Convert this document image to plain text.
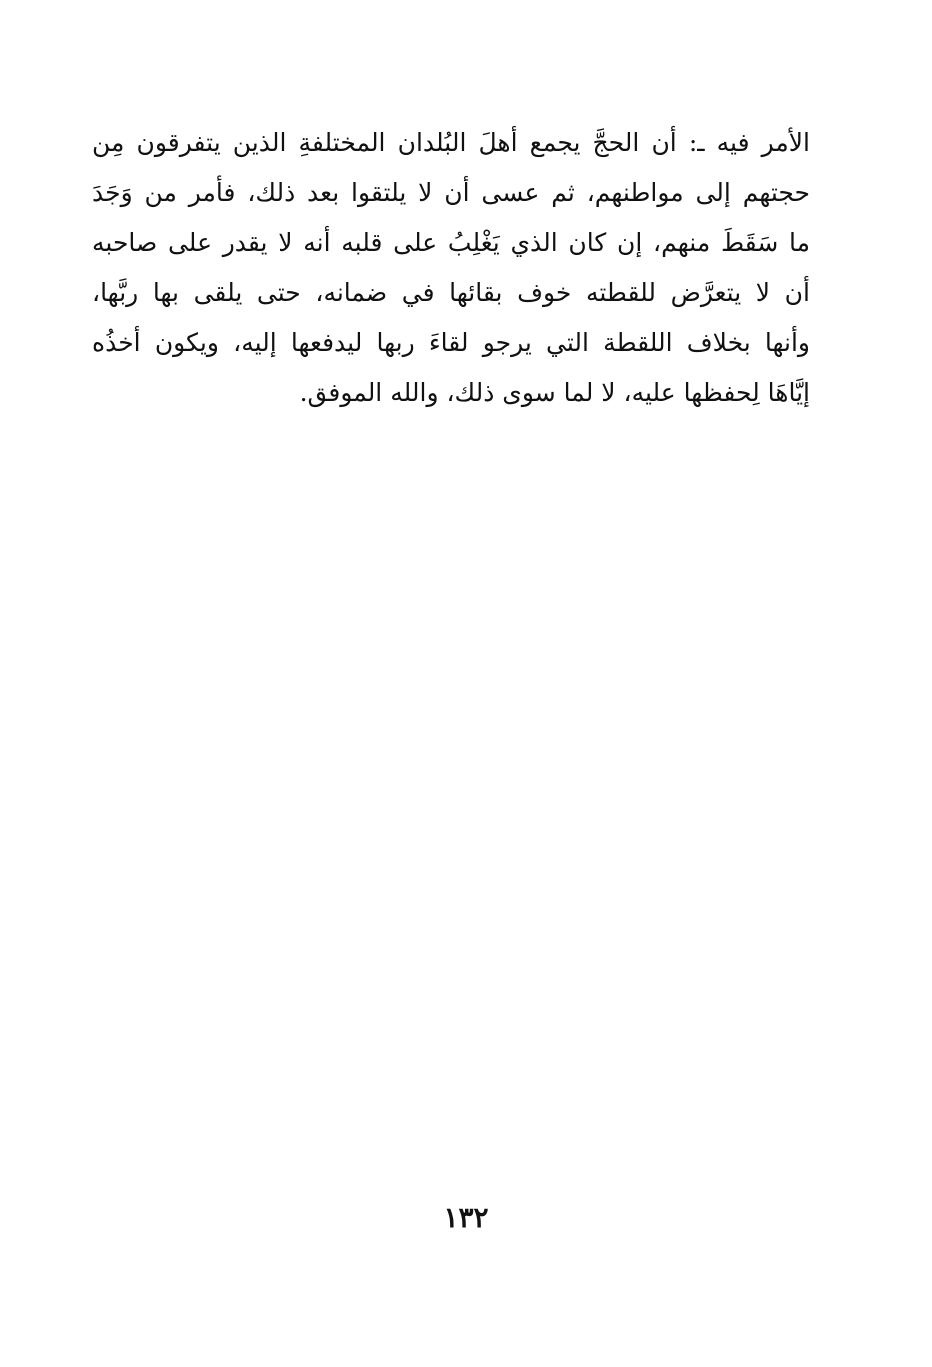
الأمر فيه ـ: أن الحجَّ يجمع أهلَ البُلدان المختلفةِ الذين يتفرقون مِن
حجتهم إلى مواطنهم، ثم عسى أن لا يلتقوا بعد ذلك، فأمر من وَجَدَ
ما سَقَطَ منهم، إن كان الذي يَغْلِبُ على قلبه أنه لا يقدر على صاحبه
أن لا يتعرَّض للقطته خوف بقائها في ضمانه، حتى يلقى بها ربَّها،
وأنها بخلاف اللقطة التي يرجو لقاءَ ربها ليدفعها إليه، ويكون أخذُه
إيَّاهَا لِحفظها عليه، لا لما سوى ذلك، والله الموفق.
١٣٢
